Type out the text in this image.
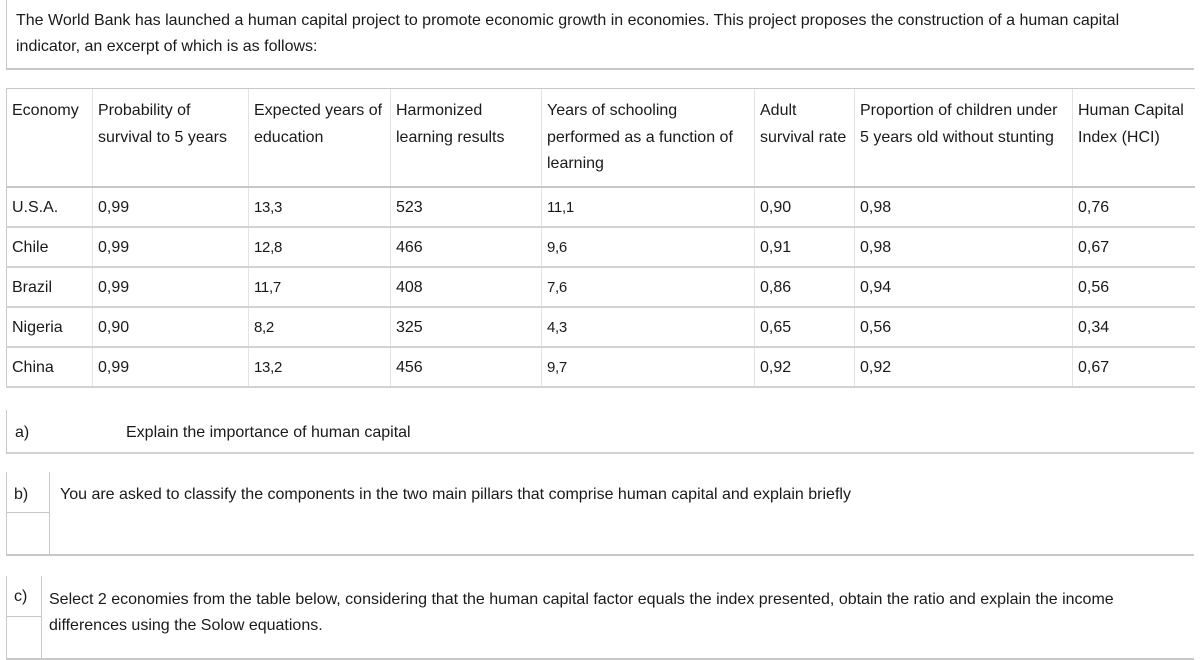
The World Bank has launched a human capital project to promote economic growth in economies. This project proposes the construction of a human capital indicator, an excerpt of which is as follows:
Economy	Probability of survival to 5 years	Expected years of education	Harmonized learning results	Years of schooling performed as a function of learning	Adult survival rate	Proportion of children under 5 years old without stunting	Human Capital Index (HCI)
U.S.A.	0,99	13,3	523	11,1	0,90	0,98	0,76
Chile	0,99	12,8	466	9,6	0,91	0,98	0,67
Brazil	0,99	11,7	408	7,6	0,86	0,94	0,56
Nigeria	0,90	8,2	325	4,3	0,65	0,56	0,34
China	0,99	13,2	456	9,7	0,92	0,92	0,67
a)	Explain the importance of human capital
b) You are asked to classify the components in the two main pillars that comprise human capital and explain briefly
c) Select 2 economies from the table below, considering that the human capital factor equals the index presented, obtain the ratio and explain the income differences using the Solow equations.
